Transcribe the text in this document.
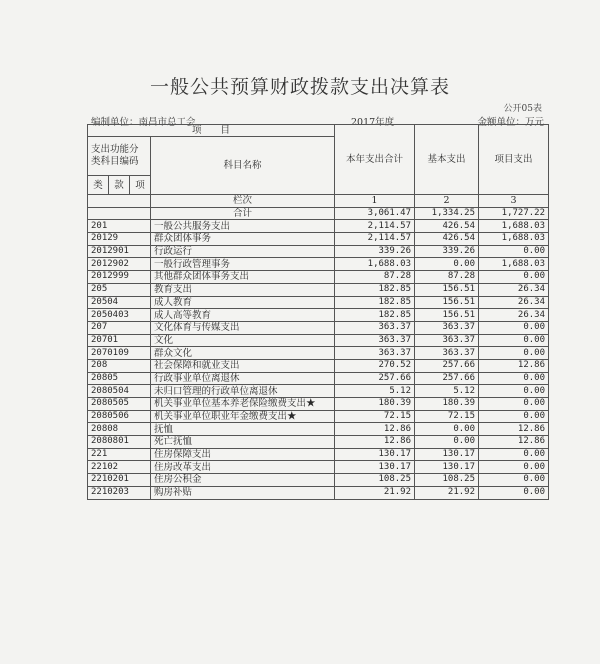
一般公共预算财政拨款支出决算表
公开05表
编制单位：南昌市总工会	2017年度	金额单位：万元
项　　目				本年支出合计	基本支出	项目支出
支出功能分类科目编码			科目名称			
类	款	项				
			栏次	1	2	3
			合计	3,061.47	1,334.25	1,727.22
201			一般公共服务支出	2,114.57	426.54	1,688.03
20129			群众团体事务	2,114.57	426.54	1,688.03
2012901			行政运行	339.26	339.26	0.00
2012902			一般行政管理事务	1,688.03	0.00	1,688.03
2012999			其他群众团体事务支出	87.28	87.28	0.00
205			教育支出	182.85	156.51	26.34
20504			成人教育	182.85	156.51	26.34
2050403			成人高等教育	182.85	156.51	26.34
207			文化体育与传媒支出	363.37	363.37	0.00
20701			文化	363.37	363.37	0.00
2070109			群众文化	363.37	363.37	0.00
208			社会保障和就业支出	270.52	257.66	12.86
20805			行政事业单位离退休	257.66	257.66	0.00
2080504			未归口管理的行政单位离退休	5.12	5.12	0.00
2080505			机关事业单位基本养老保险缴费支出★	180.39	180.39	0.00
2080506			机关事业单位职业年金缴费支出★	72.15	72.15	0.00
20808			抚恤	12.86	0.00	12.86
2080801			死亡抚恤	12.86	0.00	12.86
221			住房保障支出	130.17	130.17	0.00
22102			住房改革支出	130.17	130.17	0.00
2210201			住房公积金	108.25	108.25	0.00
2210203			购房补贴	21.92	21.92	0.00
